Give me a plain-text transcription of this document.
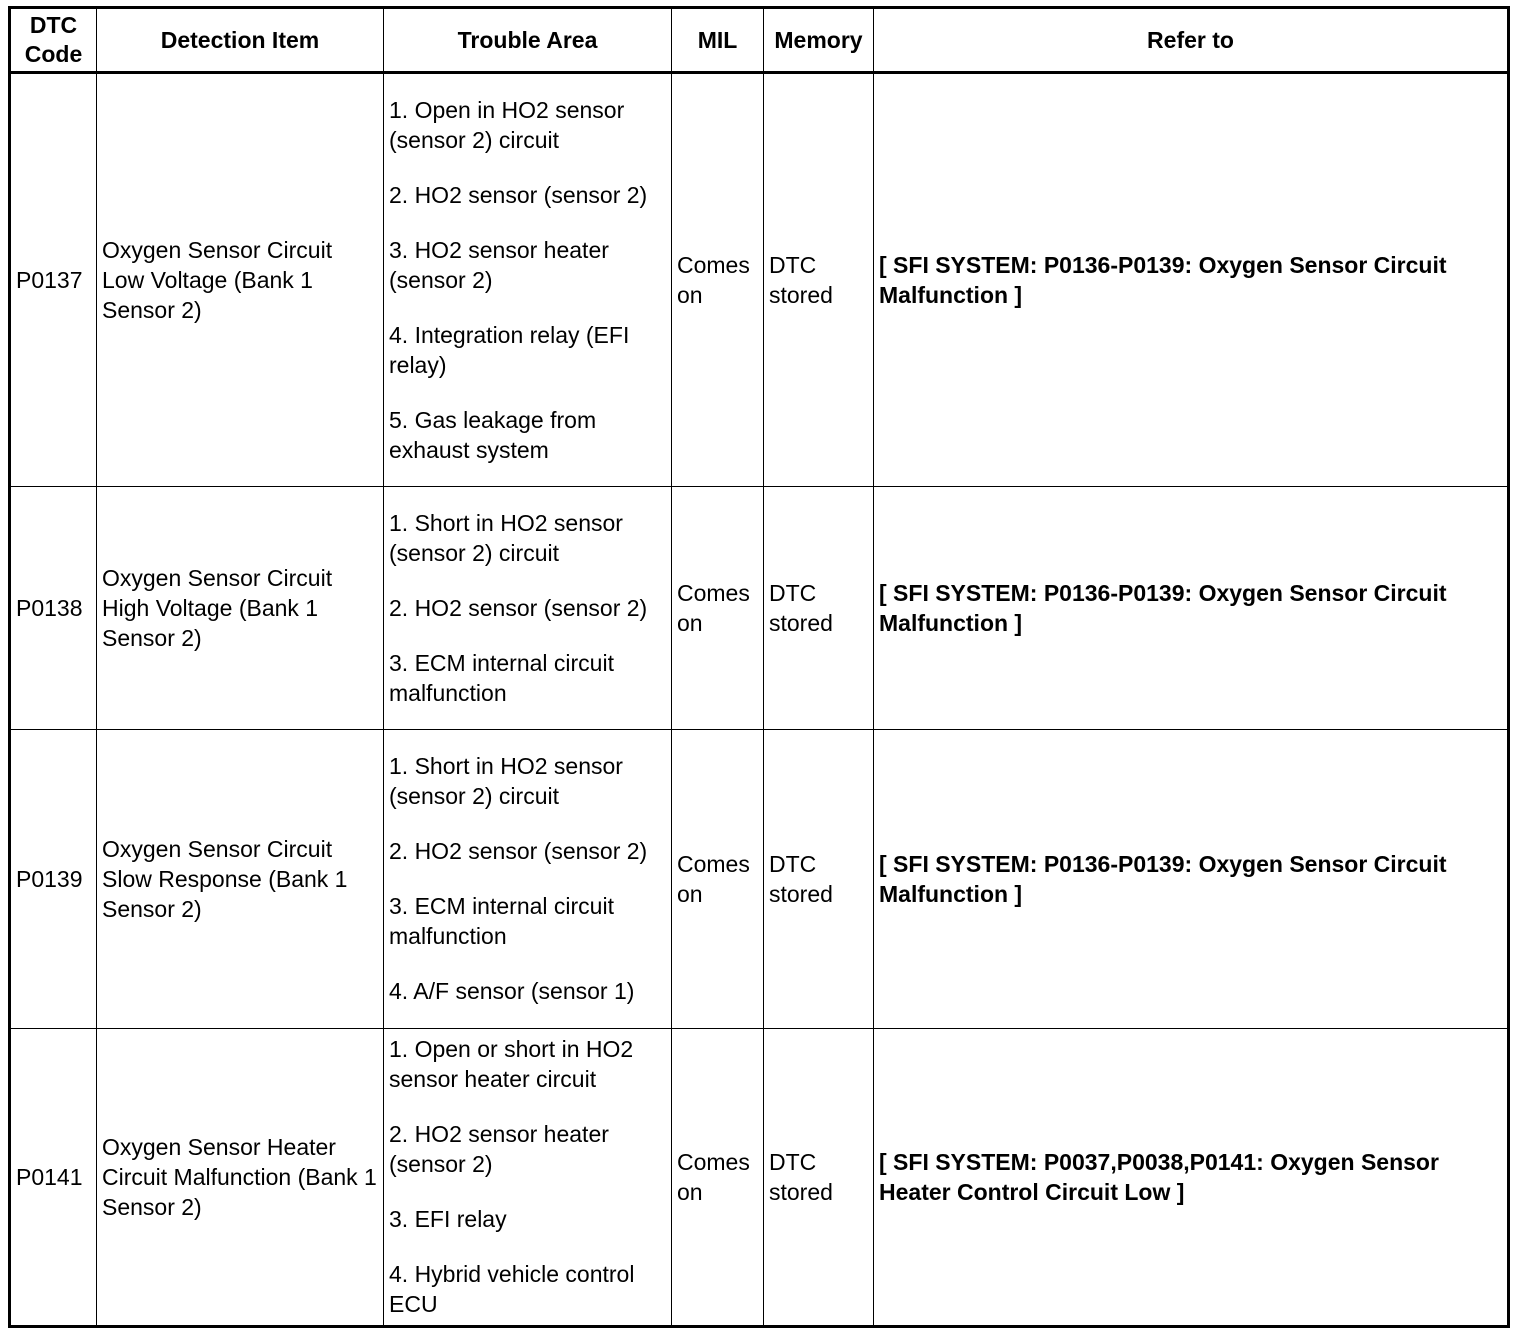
DTC Code	Detection Item	Trouble Area	MIL	Memory	Refer to
P0137	Oxygen Sensor Circuit Low Voltage (Bank 1 Sensor 2)	1. Open in HO2 sensor (sensor 2) circuit

2. HO2 sensor (sensor 2)

3. HO2 sensor heater (sensor 2)

4. Integration relay (EFI relay)

5. Gas leakage from exhaust system	Comes on	DTC stored	[ SFI SYSTEM: P0136-P0139: Oxygen Sensor Circuit Malfunction ]
P0138	Oxygen Sensor Circuit High Voltage (Bank 1 Sensor 2)	1. Short in HO2 sensor (sensor 2) circuit

2. HO2 sensor (sensor 2)

3. ECM internal circuit malfunction	Comes on	DTC stored	[ SFI SYSTEM: P0136-P0139: Oxygen Sensor Circuit Malfunction ]
P0139	Oxygen Sensor Circuit Slow Response (Bank 1 Sensor 2)	1. Short in HO2 sensor (sensor 2) circuit

2. HO2 sensor (sensor 2)

3. ECM internal circuit malfunction

4. A/F sensor (sensor 1)	Comes on	DTC stored	[ SFI SYSTEM: P0136-P0139: Oxygen Sensor Circuit Malfunction ]
P0141	Oxygen Sensor Heater Circuit Malfunction (Bank 1 Sensor 2)	1. Open or short in HO2 sensor heater circuit

2. HO2 sensor heater (sensor 2)

3. EFI relay

4. Hybrid vehicle control ECU	Comes on	DTC stored	[ SFI SYSTEM: P0037,P0038,P0141: Oxygen Sensor Heater Control Circuit Low ]
